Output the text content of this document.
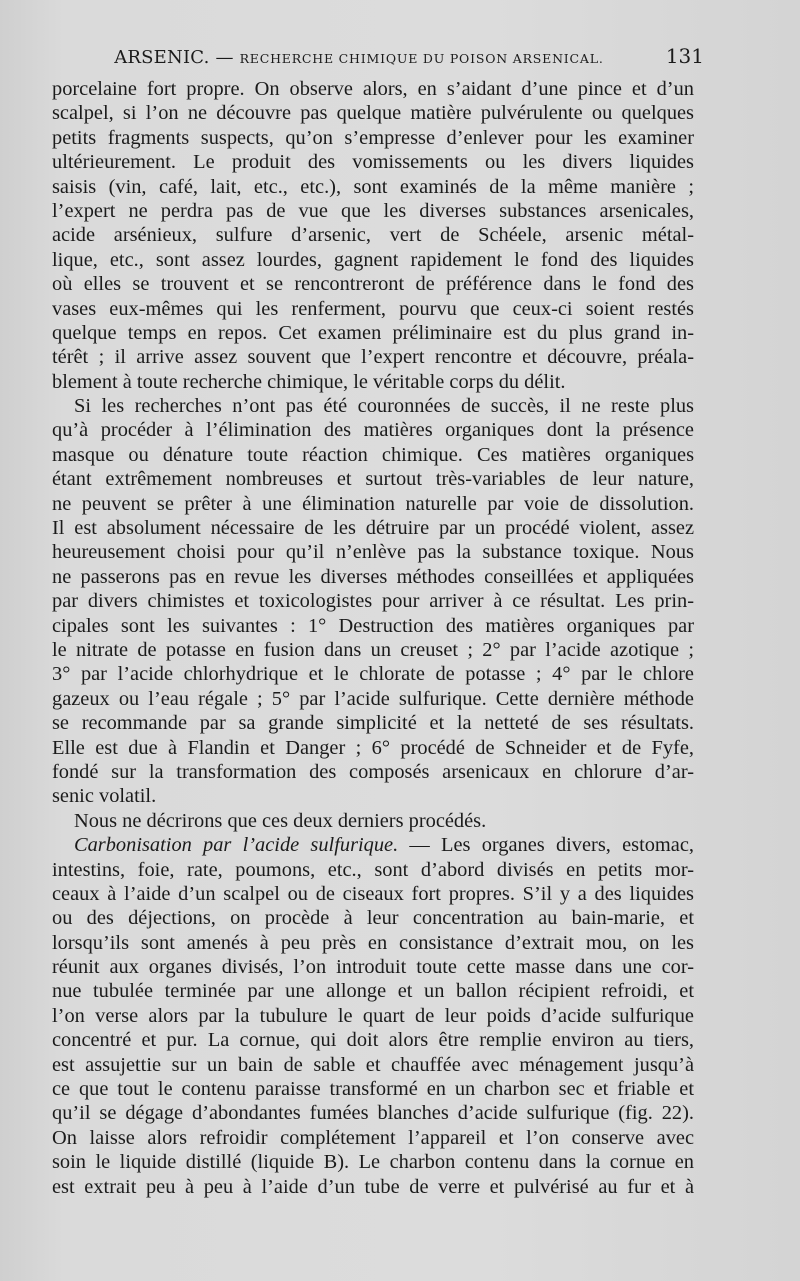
ARSENIC. — RECHERCHE CHIMIQUE DU POISON ARSENICAL.	131
porcelaine fort propre. On observe alors, en s’aidant d’une pince et d’un
scalpel, si l’on ne découvre pas quelque matière pulvérulente ou quelques
petits fragments suspects, qu’on s’empresse d’enlever pour les examiner
ultérieurement. Le produit des vomissements ou les divers liquides
saisis (vin, café, lait, etc., etc.), sont examinés de la même manière ;
l’expert ne perdra pas de vue que les diverses substances arsenicales,
acide arsénieux, sulfure d’arsenic, vert de Schéele, arsenic métal-
lique, etc., sont assez lourdes, gagnent rapidement le fond des liquides
où elles se trouvent et se rencontreront de préférence dans le fond des
vases eux-mêmes qui les renferment, pourvu que ceux-ci soient restés
quelque temps en repos. Cet examen préliminaire est du plus grand in-
térêt ; il arrive assez souvent que l’expert rencontre et découvre, préala-
blement à toute recherche chimique, le véritable corps du délit.
Si les recherches n’ont pas été couronnées de succès, il ne reste plus
qu’à procéder à l’élimination des matières organiques dont la présence
masque ou dénature toute réaction chimique. Ces matières organiques
étant extrêmement nombreuses et surtout très-variables de leur nature,
ne peuvent se prêter à une élimination naturelle par voie de dissolution.
Il est absolument nécessaire de les détruire par un procédé violent, assez
heureusement choisi pour qu’il n’enlève pas la substance toxique. Nous
ne passerons pas en revue les diverses méthodes conseillées et appliquées
par divers chimistes et toxicologistes pour arriver à ce résultat. Les prin-
cipales sont les suivantes : 1° Destruction des matières organiques par
le nitrate de potasse en fusion dans un creuset ; 2° par l’acide azotique ;
3° par l’acide chlorhydrique et le chlorate de potasse ; 4° par le chlore
gazeux ou l’eau régale ; 5° par l’acide sulfurique. Cette dernière méthode
se recommande par sa grande simplicité et la netteté de ses résultats.
Elle est due à Flandin et Danger ; 6° procédé de Schneider et de Fyfe,
fondé sur la transformation des composés arsenicaux en chlorure d’ar-
senic volatil.
Nous ne décrirons que ces deux derniers procédés.
Carbonisation par l’acide sulfurique. — Les organes divers, estomac,
intestins, foie, rate, poumons, etc., sont d’abord divisés en petits mor-
ceaux à l’aide d’un scalpel ou de ciseaux fort propres. S’il y a des liquides
ou des déjections, on procède à leur concentration au bain-marie, et
lorsqu’ils sont amenés à peu près en consistance d’extrait mou, on les
réunit aux organes divisés, l’on introduit toute cette masse dans une cor-
nue tubulée terminée par une allonge et un ballon récipient refroidi, et
l’on verse alors par la tubulure le quart de leur poids d’acide sulfurique
concentré et pur. La cornue, qui doit alors être remplie environ au tiers,
est assujettie sur un bain de sable et chauffée avec ménagement jusqu’à
ce que tout le contenu paraisse transformé en un charbon sec et friable et
qu’il se dégage d’abondantes fumées blanches d’acide sulfurique (fig. 22).
On laisse alors refroidir complétement l’appareil et l’on conserve avec
soin le liquide distillé (liquide B). Le charbon contenu dans la cornue en
est extrait peu à peu à l’aide d’un tube de verre et pulvérisé au fur et à
